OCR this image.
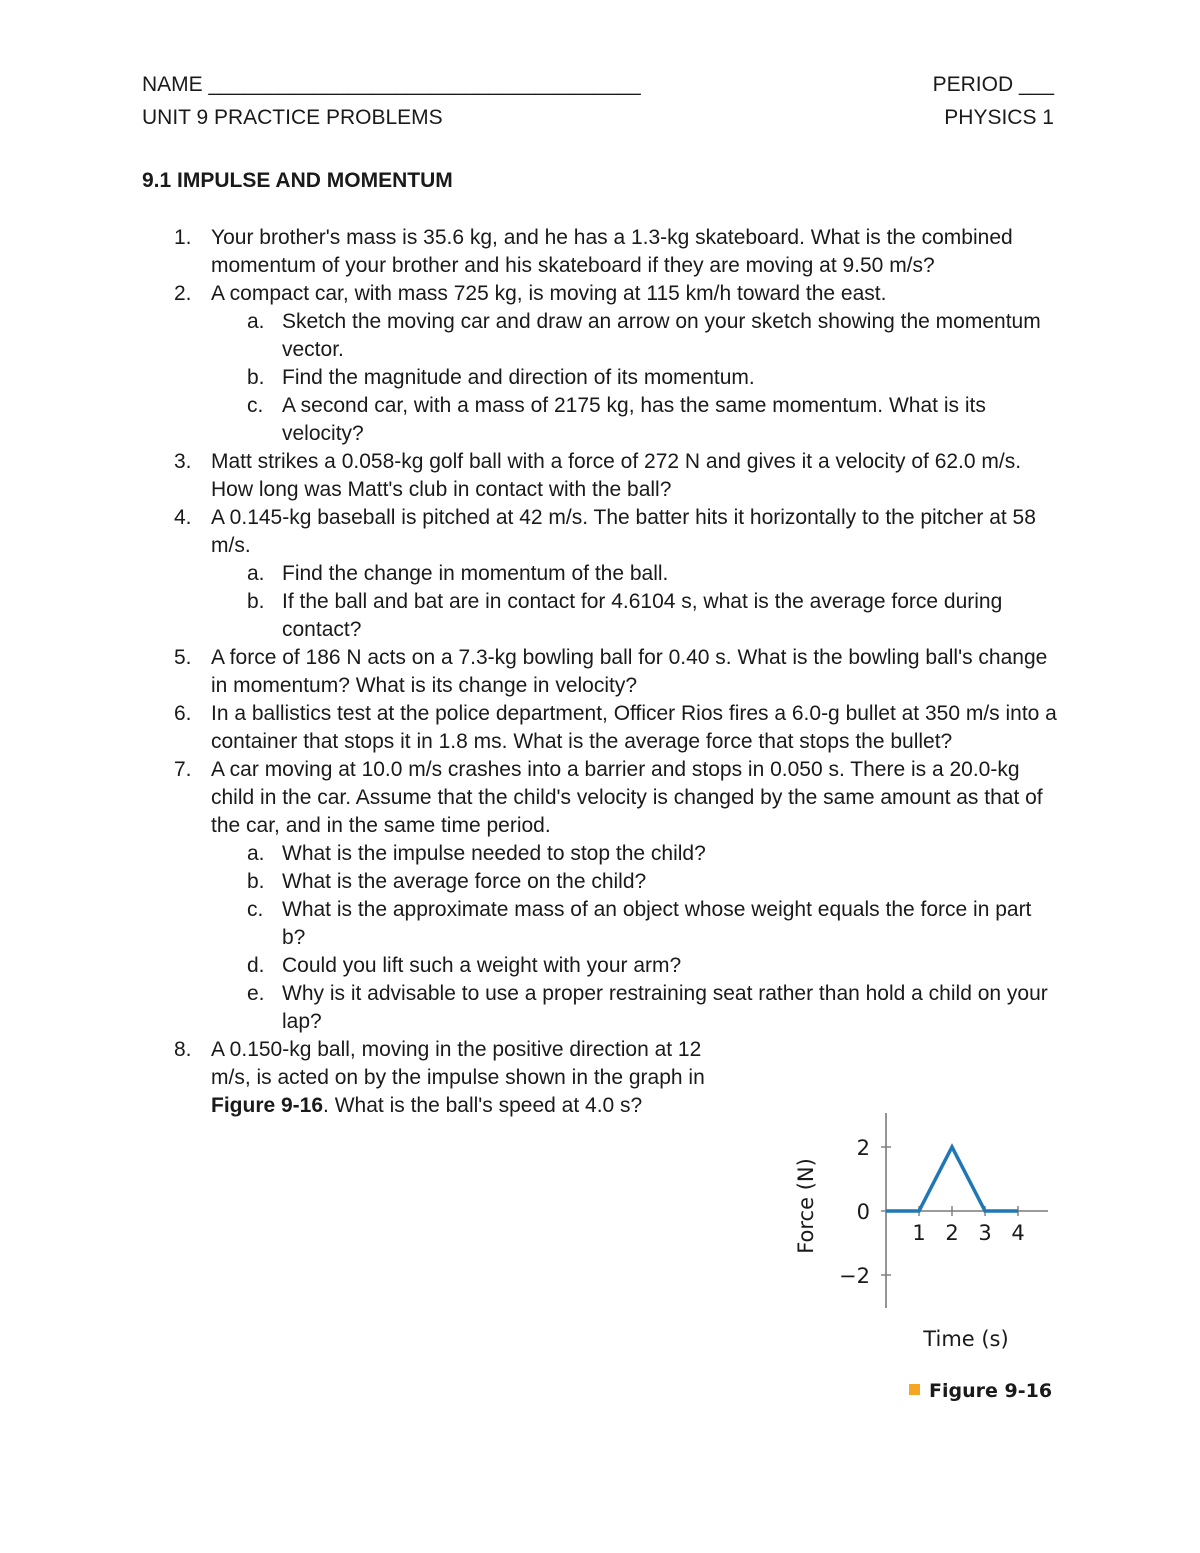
NAME _____________________________________	PERIOD ___
UNIT 9 PRACTICE PROBLEMS	PHYSICS 1
9.1 IMPULSE AND MOMENTUM
1. Your brother's mass is 35.6 kg, and he has a 1.3-kg skateboard. What is the combined momentum of your brother and his skateboard if they are moving at 9.50 m/s?
2. A compact car, with mass 725 kg, is moving at 115 km/h toward the east.
a. Sketch the moving car and draw an arrow on your sketch showing the momentum vector.
b. Find the magnitude and direction of its momentum.
c. A second car, with a mass of 2175 kg, has the same momentum. What is its velocity?
3. Matt strikes a 0.058-kg golf ball with a force of 272 N and gives it a velocity of 62.0 m/s. How long was Matt's club in contact with the ball?
4. A 0.145-kg baseball is pitched at 42 m/s. The batter hits it horizontally to the pitcher at 58 m/s.
a. Find the change in momentum of the ball.
b. If the ball and bat are in contact for 4.6104 s, what is the average force during contact?
5. A force of 186 N acts on a 7.3-kg bowling ball for 0.40 s. What is the bowling ball's change in momentum? What is its change in velocity?
6. In a ballistics test at the police department, Officer Rios fires a 6.0-g bullet at 350 m/s into a container that stops it in 1.8 ms. What is the average force that stops the bullet?
7. A car moving at 10.0 m/s crashes into a barrier and stops in 0.050 s. There is a 20.0-kg child in the car. Assume that the child's velocity is changed by the same amount as that of the car, and in the same time period.
a. What is the impulse needed to stop the child?
b. What is the average force on the child?
c. What is the approximate mass of an object whose weight equals the force in part b?
d. Could you lift such a weight with your arm?
e. Why is it advisable to use a proper restraining seat rather than hold a child on your lap?
8. A 0.150-kg ball, moving in the positive direction at 12 m/s, is acted on by the impulse shown in the graph in Figure 9-16. What is the ball's speed at 4.0 s?
2
0
−2
1 2 3 4
Force (N)
Time (s)
Figure 9-16
